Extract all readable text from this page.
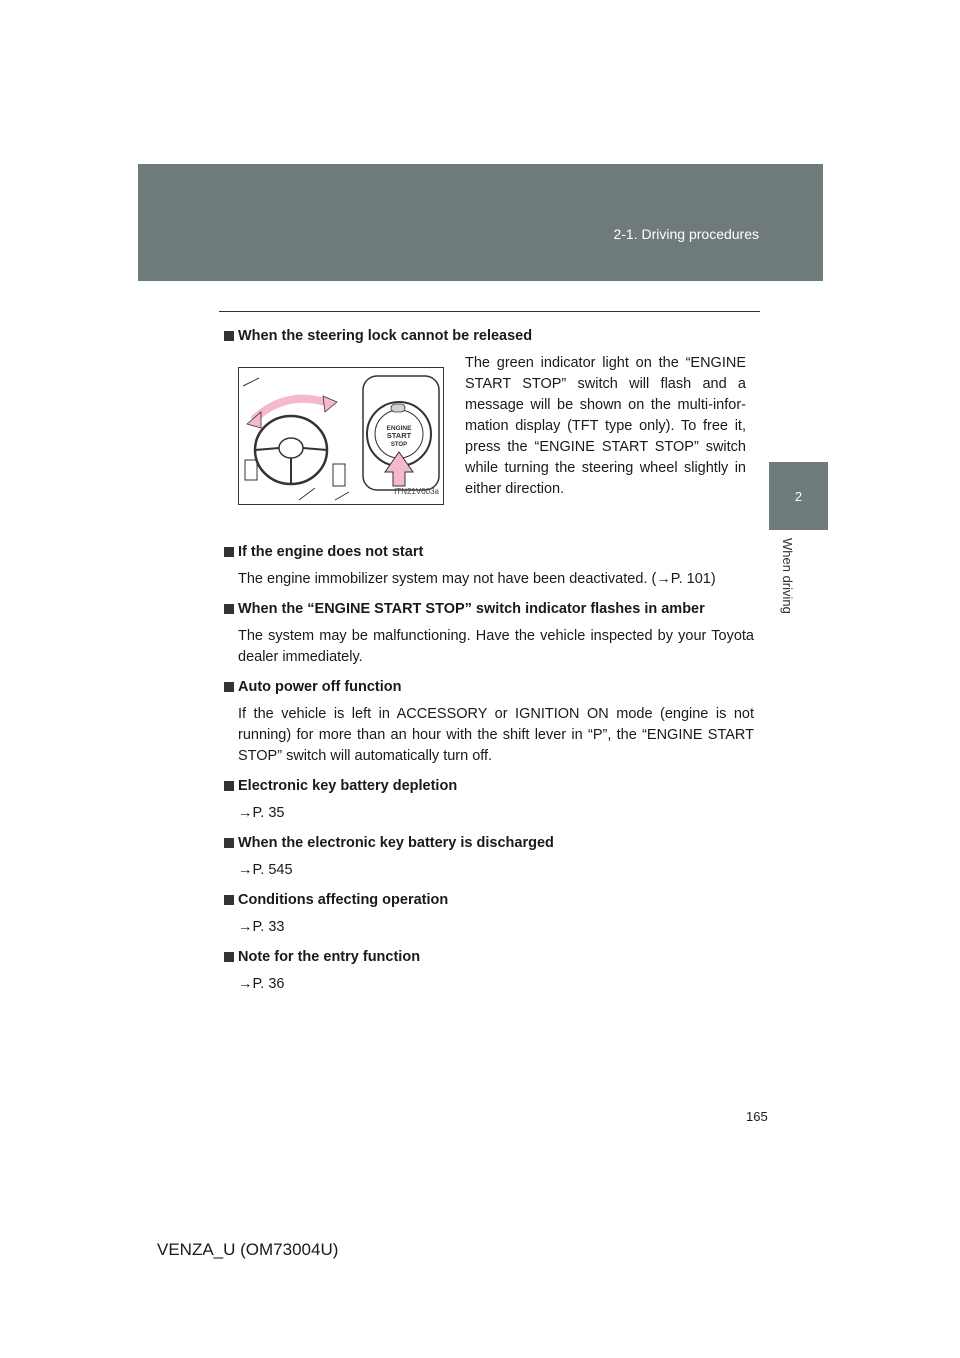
2-1. Driving procedures
2
When driving

When the steering lock cannot be released

ENGINE
START
STOP
ITN21V003a
The green indicator light on the “ENGINE START STOP” switch will flash and a message will be shown on the multi-infor-mation display (TFT type only). To free it, press the “ENGINE START STOP” switch while turning the steering wheel slightly in either direction.

If the engine does not start

The engine immobilizer system may not have been deactivated. (→P. 101)

When the “ENGINE START STOP” switch indicator flashes in amber

The system may be malfunctioning. Have the vehicle inspected by your Toyota dealer immediately.

Auto power off function

If the vehicle is left in ACCESSORY or IGNITION ON mode (engine is not running) for more than an hour with the shift lever in “P”, the “ENGINE START STOP” switch will automatically turn off.

Electronic key battery depletion

→P. 35

When the electronic key battery is discharged

→P. 545

Conditions affecting operation

→P. 33

Note for the entry function

→P. 36

165
VENZA_U (OM73004U)
